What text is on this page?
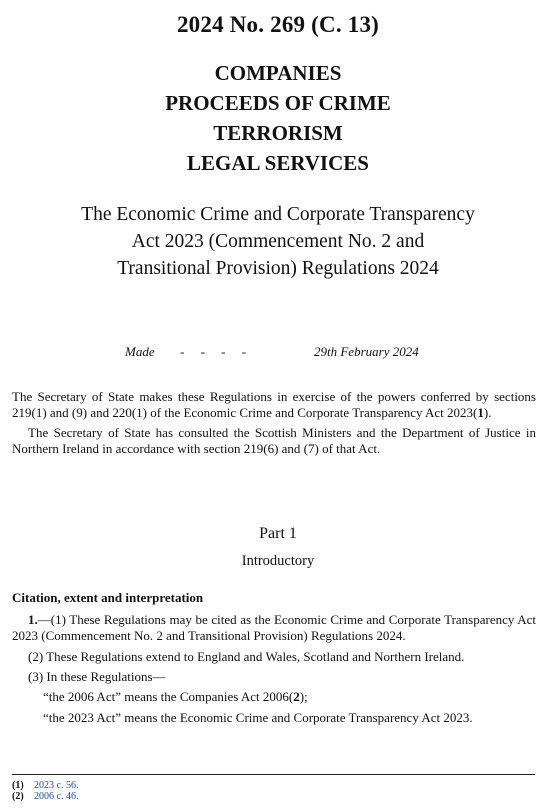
2024 No. 269 (C. 13)
COMPANIES
PROCEEDS OF CRIME
TERRORISM
LEGAL SERVICES
The Economic Crime and Corporate Transparency
Act 2023 (Commencement No. 2 and
Transitional Provision) Regulations 2024
Made - - - -	29th February 2024
The Secretary of State makes these Regulations in exercise of the powers conferred by sections 219(1) and (9) and 220(1) of the Economic Crime and Corporate Transparency Act 2023(1).
The Secretary of State has consulted the Scottish Ministers and the Department of Justice in Northern Ireland in accordance with section 219(6) and (7) of that Act.
Part 1
Introductory
Citation, extent and interpretation
1.—(1) These Regulations may be cited as the Economic Crime and Corporate Transparency Act 2023 (Commencement No. 2 and Transitional Provision) Regulations 2024.
(2) These Regulations extend to England and Wales, Scotland and Northern Ireland.
(3) In these Regulations—
“the 2006 Act” means the Companies Act 2006(2);
“the 2023 Act” means the Economic Crime and Corporate Transparency Act 2023.
(1) 2023 c. 56.
(2) 2006 c. 46.
